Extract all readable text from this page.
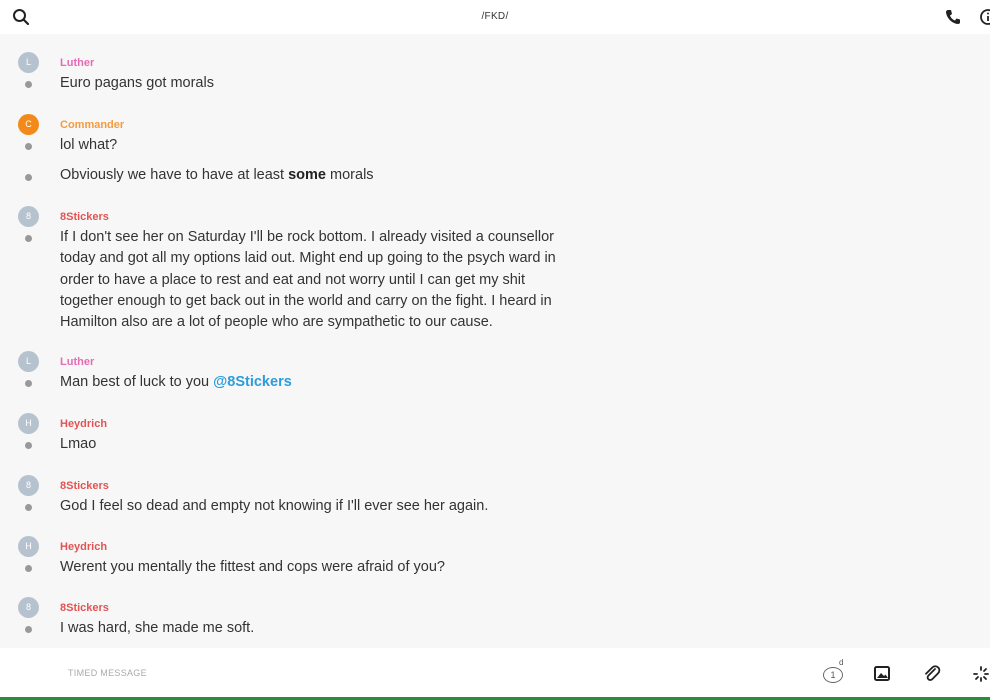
/FKD/
L	Luther
Euro pagans got morals
C	Commander
lol what?
Obviously we have to have at least some morals
8	8Stickers
If I don't see her on Saturday I'll be rock bottom. I already visited a counsellor
today and got all my options laid out. Might end up going to the psych ward in
order to have a place to rest and eat and not worry until I can get my shit
together enough to get back out in the world and carry on the fight. I heard in
Hamilton also are a lot of people who are sympathetic to our cause.
L	Luther
Man best of luck to you @8Stickers
H	Heydrich
Lmao
8	8Stickers
God I feel so dead and empty not knowing if I'll ever see her again.
H	Heydrich
Werent you mentally the fittest and cops were afraid of you?
8	8Stickers
I was hard, she made me soft.
TIMED MESSAGE	1
d
